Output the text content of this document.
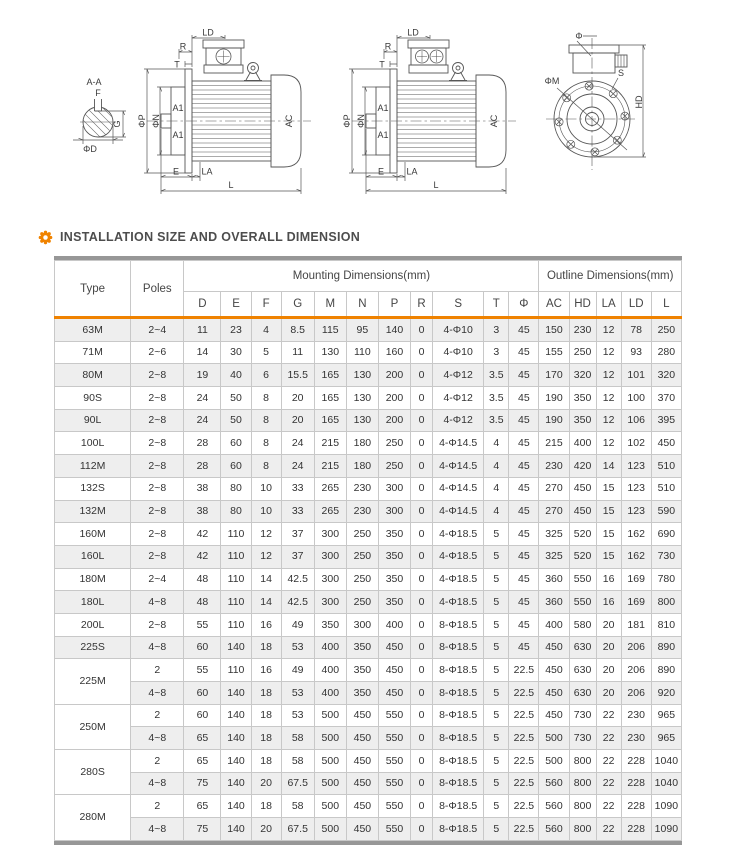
A-A
F
G
ΦD
LD
R
T
ΦP ΦN
A1
A1
AC
E LA
L
LD
R
T
ΦP ΦN
A1
A1
AC
E LA
L
Φ
ΦM
S
HD
INSTALLATION SIZE AND OVERALL DIMENSION
Type	Poles	Mounting Dimensions(mm)											Outline Dimensions(mm)				
		D	E	F	G	M	N	P	R	S	T	Φ	AC	HD	LA	LD	L
63M	2~4	11	23	4	8.5	115	95	140	0	4-Φ10	3	45	150	230	12	78	250
71M	2~6	14	30	5	11	130	110	160	0	4-Φ10	3	45	155	250	12	93	280
80M	2~8	19	40	6	15.5	165	130	200	0	4-Φ12	3.5	45	170	320	12	101	320
90S	2~8	24	50	8	20	165	130	200	0	4-Φ12	3.5	45	190	350	12	100	370
90L	2~8	24	50	8	20	165	130	200	0	4-Φ12	3.5	45	190	350	12	106	395
100L	2~8	28	60	8	24	215	180	250	0	4-Φ14.5	4	45	215	400	12	102	450
112M	2~8	28	60	8	24	215	180	250	0	4-Φ14.5	4	45	230	420	14	123	510
132S	2~8	38	80	10	33	265	230	300	0	4-Φ14.5	4	45	270	450	15	123	510
132M	2~8	38	80	10	33	265	230	300	0	4-Φ14.5	4	45	270	450	15	123	590
160M	2~8	42	110	12	37	300	250	350	0	4-Φ18.5	5	45	325	520	15	162	690
160L	2~8	42	110	12	37	300	250	350	0	4-Φ18.5	5	45	325	520	15	162	730
180M	2~4	48	110	14	42.5	300	250	350	0	4-Φ18.5	5	45	360	550	16	169	780
180L	4~8	48	110	14	42.5	300	250	350	0	4-Φ18.5	5	45	360	550	16	169	800
200L	2~8	55	110	16	49	350	300	400	0	8-Φ18.5	5	45	400	580	20	181	810
225S	4~8	60	140	18	53	400	350	450	0	8-Φ18.5	5	45	450	630	20	206	890
225M	2	55	110	16	49	400	350	450	0	8-Φ18.5	5	22.5	450	630	20	206	890
	4~8	60	140	18	53	400	350	450	0	8-Φ18.5	5	22.5	450	630	20	206	920
250M	2	60	140	18	53	500	450	550	0	8-Φ18.5	5	22.5	450	730	22	230	965
	4~8	65	140	18	58	500	450	550	0	8-Φ18.5	5	22.5	500	730	22	230	965
280S	2	65	140	18	58	500	450	550	0	8-Φ18.5	5	22.5	500	800	22	228	1040
	4~8	75	140	20	67.5	500	450	550	0	8-Φ18.5	5	22.5	560	800	22	228	1040
280M	2	65	140	18	58	500	450	550	0	8-Φ18.5	5	22.5	560	800	22	228	1090
	4~8	75	140	20	67.5	500	450	550	0	8-Φ18.5	5	22.5	560	800	22	228	1090
